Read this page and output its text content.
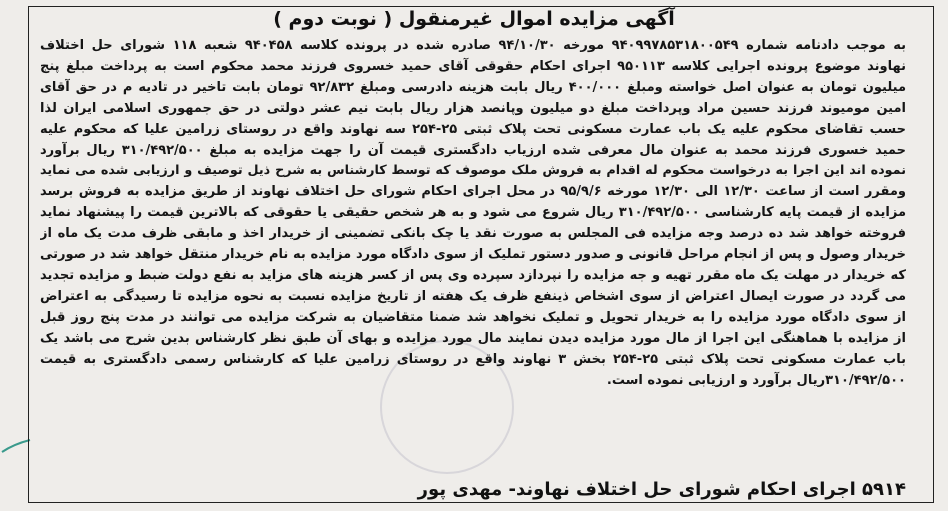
آگهی مزایده اموال غیرمنقول ( نوبت دوم )
به موجب دادنامه شماره ۹۴۰۹۹۷۸۵۳۱۸۰۰۵۴۹ مورخه ۹۴/۱۰/۳۰ صادره شده در پرونده کلاسه ۹۴۰۴۵۸ شعبه ۱۱۸ شورای حل اختلاف
نهاوند موضوع پرونده اجرایی کلاسه ۹۵۰۱۱۳ اجرای احکام حقوقی آقای حمید خسروی فرزند محمد محکوم است به پرداخت مبلغ پنج
میلیون تومان به عنوان اصل خواسته ومبلغ ۴۰۰/۰۰۰ ریال بابت هزینه دادرسی ومبلغ ۹۲/۸۳۲ تومان بابت تاخیر در تادیه م در حق آقای
امین مومیوند فرزند حسین مراد وپرداخت مبلغ دو میلیون وپانصد هزار ریال بابت نیم عشر دولتی در حق جمهوری اسلامی ایران لذا
حسب تقاضای محکوم علیه یک باب عمارت مسکونی تحت پلاک ثبتی ۲۵-۲۵۴ سه نهاوند واقع در روستای زرامین علیا که محکوم علیه
حمید خسوری فرزند محمد به عنوان مال معرفی شده ارزیاب دادگستری قیمت آن را جهت مزایده به مبلغ ۳۱۰/۴۹۲/۵۰۰ ریال برآورد
نموده اند این اجرا به درخواست محکوم له اقدام به فروش ملک موصوف که توسط کارشناس به شرح ذیل توصیف و ارزیابی شده می نماید
ومقرر است از ساعت ۱۲/۳۰ الی ۱۲/۳۰ مورخه ۹۵/۹/۶ در محل اجرای احکام شورای حل اختلاف نهاوند از طریق مزایده به فروش برسد
مزایده از قیمت پایه کارشناسی ۳۱۰/۴۹۲/۵۰۰ ریال شروع می شود و به هر شخص حقیقی یا حقوقی که بالاترین قیمت را پیشنهاد نماید
فروخته خواهد شد ده درصد وجه مزایده فی المجلس به صورت نقد یا چک بانکی تضمینی از خریدار اخذ و مابقی ظرف مدت یک ماه از
خریدار وصول و پس از انجام مراحل قانونی و صدور دستور تملیک از سوی دادگاه مورد مزایده به نام خریدار منتقل خواهد شد در صورتی
که خریدار در مهلت یک ماه مقرر تهیه و جه مزایده را نپردازد سپرده وی پس از کسر هزینه های مزاید به نفع دولت ضبط و مزایده تجدید
می گردد در صورت ایصال اعتراض از سوی اشخاص ذینفع ظرف یک هفته از تاریخ مزایده نسبت به نحوه مزایده تا رسیدگی به اعتراض
از سوی دادگاه مورد مزایده را به خریدار تحویل و تملیک نخواهد شد ضمنا متقاضیان به شرکت مزایده می توانند در مدت پنج روز قبل
از مزایده با هماهنگی این اجرا از مال مورد مزایده دیدن نمایند مال مورد مزایده و بهای آن طبق نظر کارشناس بدین شرح می باشد یک
باب عمارت مسکونی تحت پلاک ثبتی ۲۵-۲۵۴ بخش ۳ نهاوند واقع در روستای زرامین علیا که کارشناس رسمی دادگستری به قیمت
۳۱۰/۴۹۲/۵۰۰ریال برآورد و ارزیابی نموده است.
۵۹۱۴ اجرای احکام شورای حل اختلاف نهاوند- مهدی پور
